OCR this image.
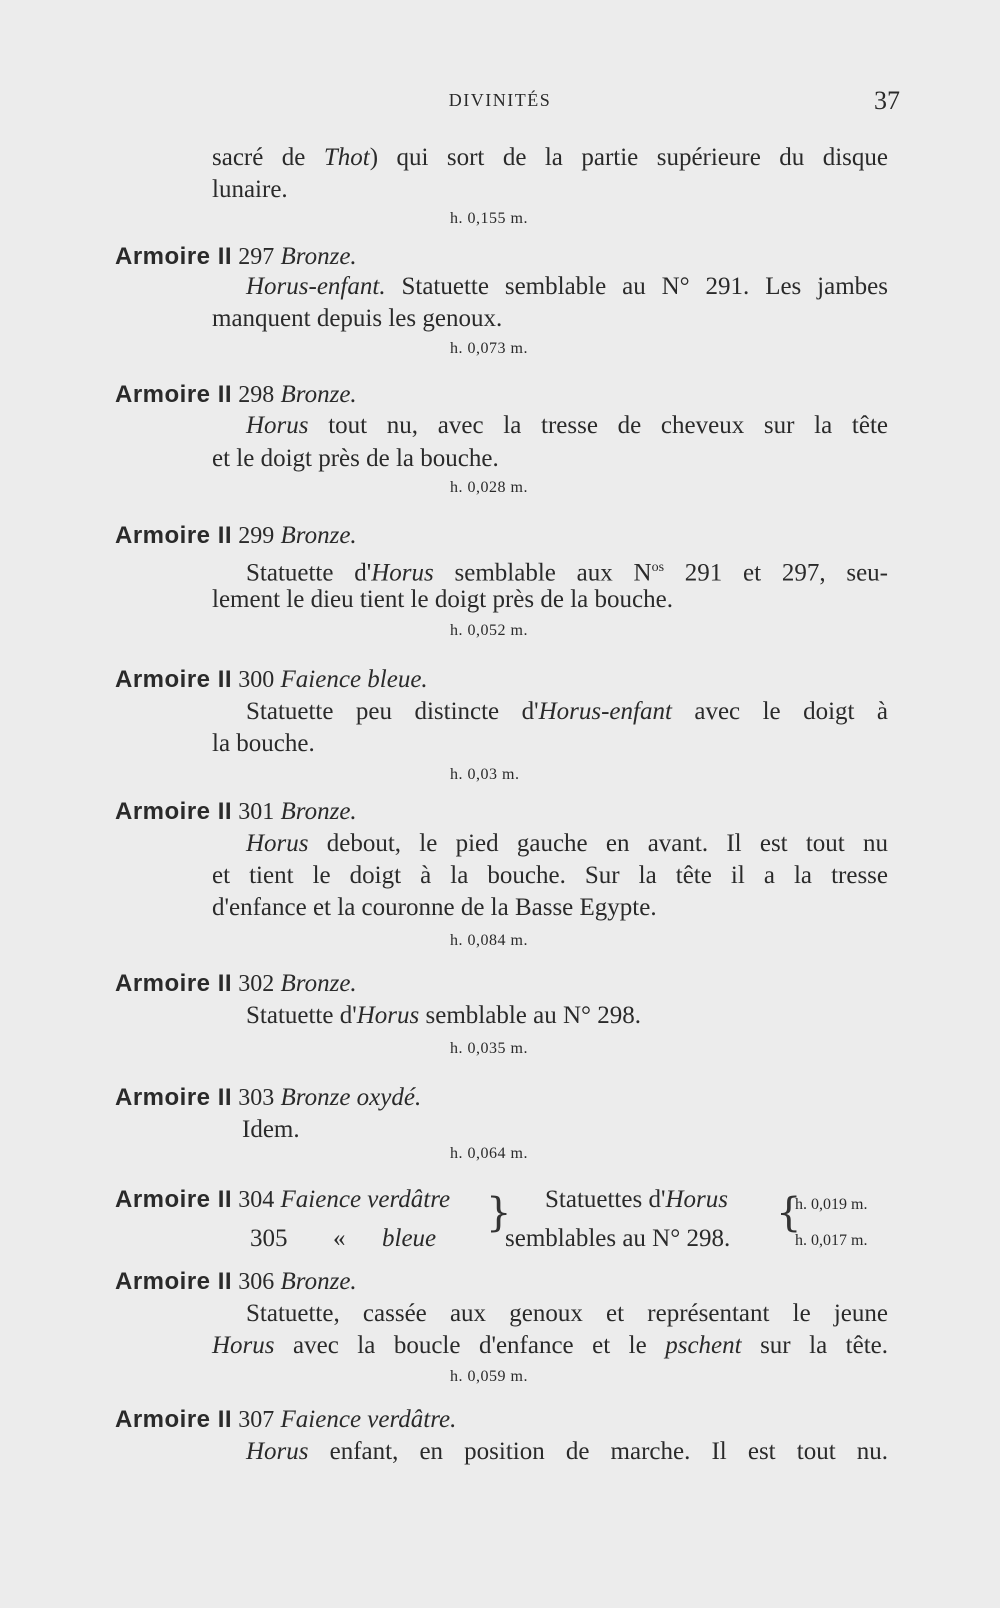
DIVINITÉS	37
sacré de Thot) qui sort de la partie supérieure du disque
lunaire.
h. 0,155 m.
Armoire II 297 Bronze.
Horus-enfant. Statuette semblable au N° 291. Les jambes
manquent depuis les genoux.
h. 0,073 m.
Armoire II 298 Bronze.
Horus tout nu, avec la tresse de cheveux sur la tête
et le doigt près de la bouche.
h. 0,028 m.
Armoire II 299 Bronze.
Statuette d'Horus semblable aux $N^{os}$ 291 et 297, seu-
lement le dieu tient le doigt près de la bouche.
h. 0,052 m.
Armoire II 300 Faience bleue.
Statuette peu distincte d'Horus-enfant avec le doigt à
la bouche.
h. 0,03 m.
Armoire II 301 Bronze.
Horus debout, le pied gauche en avant. Il est tout nu
et tient le doigt à la bouche. Sur la tête il a la tresse
d'enfance et la couronne de la Basse Egypte.
h. 0,084 m.
Armoire II 302 Bronze.
Statuette d'Horus semblable au N° 298.
h. 0,035 m.
Armoire II 303 Bronze oxydé.
Idem.
h. 0,064 m.
Armoire II 304 Faience verdâtre
305 « bleue
} Statuettes d'Horus
semblables au N° 298.
{
h. 0,019 m.
h. 0,017 m.
Armoire II 306 Bronze.
Statuette, cassée aux genoux et représentant le jeune
Horus avec la boucle d'enfance et le pschent sur la tête.
h. 0,059 m.
Armoire II 307 Faience verdâtre.
Horus enfant, en position de marche. Il est tout nu.
